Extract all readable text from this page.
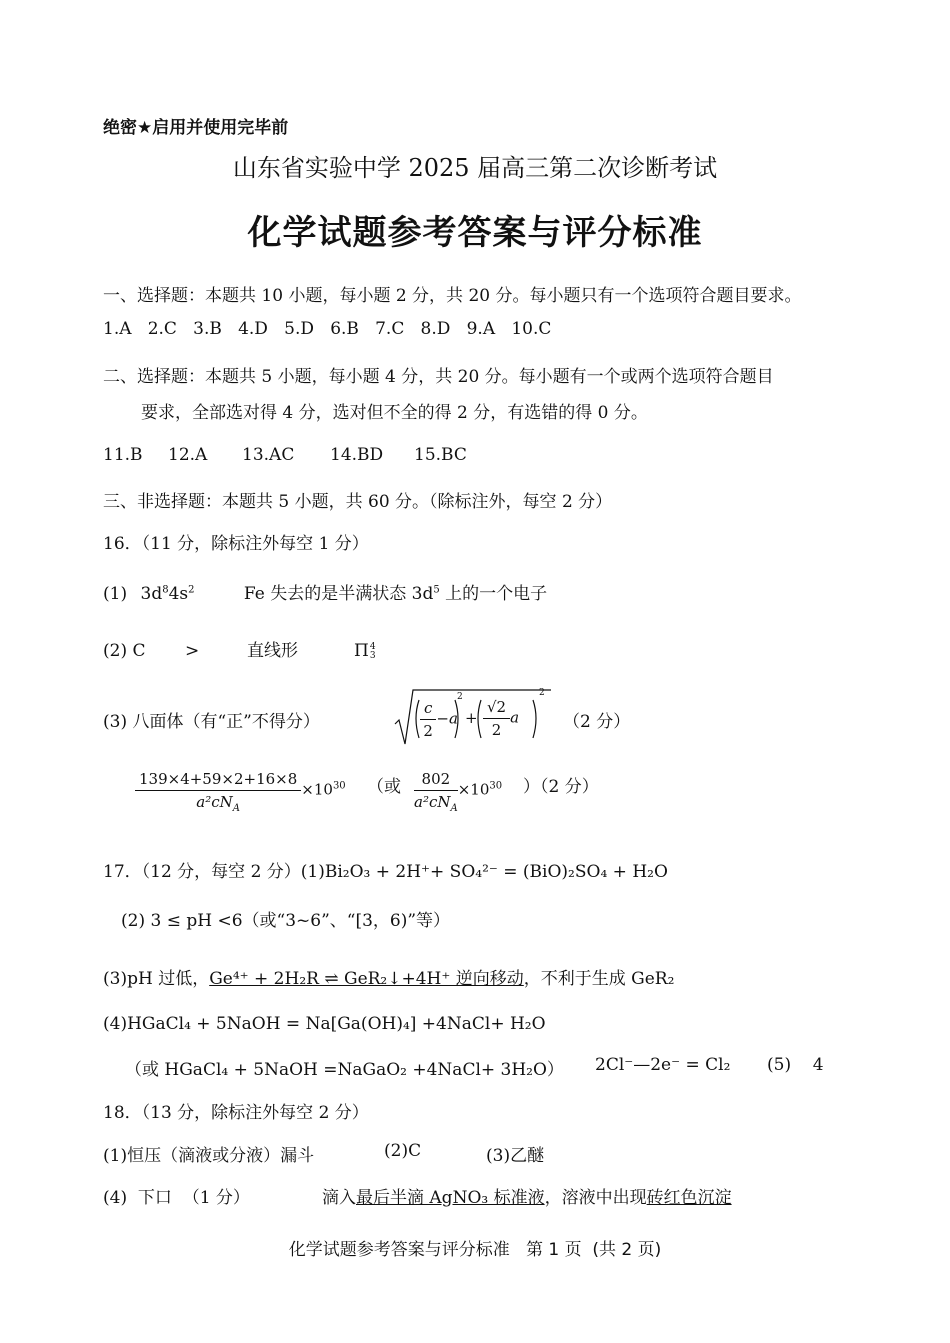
绝密★启用并使用完毕前
山东省实验中学 2025 届高三第二次诊断考试
化学试题参考答案与评分标准
一、选择题：本题共 10 小题，每小题 2 分，共 20 分。每小题只有一个选项符合题目要求。
1.A   2.C   3.B   4.D   5.D   6.B   7.C   8.D   9.A   10.C
二、选择题：本题共 5 小题，每小题 4 分，共 20 分。每小题有一个或两个选项符合题目
要求，全部选对得 4 分，选对但不全的得 2 分，有选错的得 0 分。
11.B 12.A 13.AC 14.BD 15.BC
三、非选择题：本题共 5 小题，共 60 分。（除标注外，每空 2 分）
16．（11 分，除标注外每空 1 分）
(1) $3d^84s^2$	Fe 失去的是半满状态 $3d^5$ 上的一个电子
(2) C >	直线形	Π 4
3
(3) 八面体（有“正”不得分）	$\frac{c}{2} -a$
2
+ $\frac{√2}{2}$ a
2
（2 分）
$\frac{139\times 4+59\times 2+16\times 8}{a^2cN_A} \times 10^{30}$ （或 $\frac{802}{a^2cN_A} \times 10^{30}$ ）（2 分）
17．（12 分，每空 2 分）(1)Bi₂O₃ + 2H⁺+ SO₄²⁻ = (BiO)₂SO₄ + H₂O
(2) 3 ≤ pH <6（或“3~6”、“[3，6)”等）
(3)pH 过低，Ge⁴⁺ + 2H₂R ⇌ GeR₂↓+4H⁺ 逆向移动，不利于生成 GeR₂
(4)HGaCl₄ + 5NaOH = Na[Ga(OH)₄] +4NaCl+ H₂O
（或 HGaCl₄ + 5NaOH =NaGaO₂ +4NaCl+ 3H₂O） 2Cl⁻—2e⁻ = Cl₂ (5)    4
18．（13 分，除标注外每空 2 分）
(1)恒压（滴液或分液）漏斗	(2)C	(3)乙醚
(4)  下口  （1 分）	滴入最后半滴 AgNO₃ 标准液，溶液中出现砖红色沉淀
化学试题参考答案与评分标准   第 1 页  (共 2 页)
